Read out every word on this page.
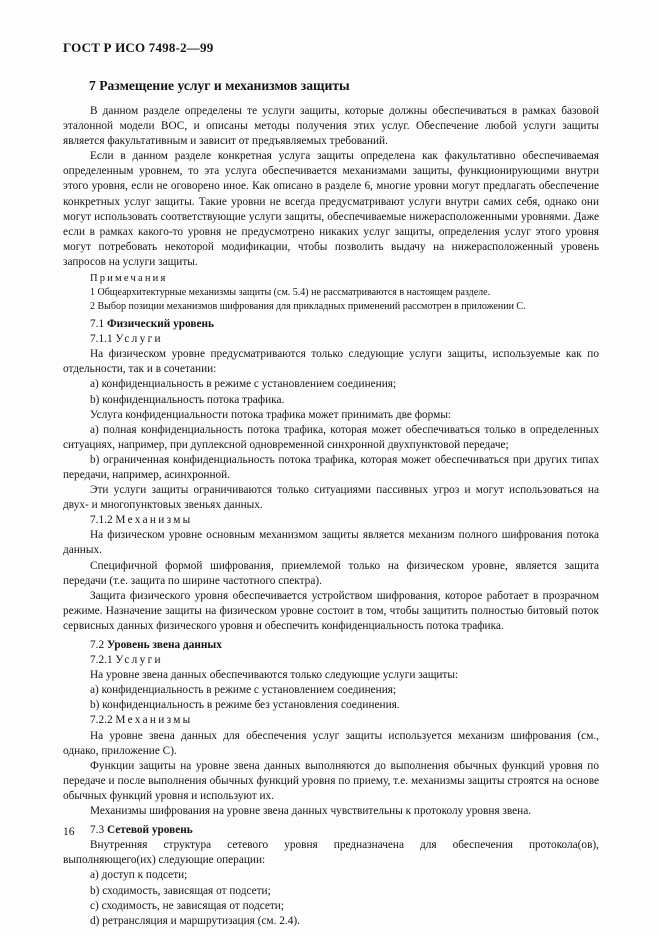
ГОСТ Р ИСО 7498-2—99
7 Размещение услуг и механизмов защиты

В данном разделе определены те услуги защиты, которые должны обеспечиваться в рамках базовой эталонной модели ВОС, и описаны методы получения этих услуг. Обеспечение любой услуги защиты является факультативным и зависит от предъявляемых требований.

Если в данном разделе конкретная услуга защиты определена как факультативно обеспечиваемая определенным уровнем, то эта услуга обеспечивается механизмами защиты, функционирующими внутри этого уровня, если не оговорено иное. Как описано в разделе 6, многие уровни могут предлагать обеспечение конкретных услуг защиты. Такие уровни не всегда предусматривают услуги внутри самих себя, однако они могут использовать соответствующие услуги защиты, обеспечиваемые нижерасположенными уровнями. Даже если в рамках какого-то уровня не предусмотрено никаких услуг защиты, определения услуг этого уровня могут потребовать некоторой модификации, чтобы позволить выдачу на нижерасположенный уровень запросов на услуги защиты.

Примечания
1 Общеархитектурные механизмы защиты (см. 5.4) не рассматриваются в настоящем разделе.
2 Выбор позиции механизмов шифрования для прикладных применений рассмотрен в приложении С.

7.1 Физический уровень

7.1.1 Услуги

На физическом уровне предусматриваются только следующие услуги защиты, используемые как по отдельности, так и в сочетании:

a) конфиденциальность в режиме с установлением соединения;

b) конфиденциальность потока трафика.

Услуга конфиденциальности потока трафика может принимать две формы:

a) полная конфиденциальность потока трафика, которая может обеспечиваться только в определенных ситуациях, например, при дуплексной одновременной синхронной двухпунктовой передаче;

b) ограниченная конфиденциальность потока трафика, которая может обеспечиваться при других типах передачи, например, асинхронной.

Эти услуги защиты ограничиваются только ситуациями пассивных угроз и могут использоваться на двух- и многопунктовых звеньях данных.

7.1.2 Механизмы

На физическом уровне основным механизмом защиты является механизм полного шифрования потока данных.

Специфичной формой шифрования, приемлемой только на физическом уровне, является защита передачи (т.е. защита по ширине частотного спектра).

Защита физического уровня обеспечивается устройством шифрования, которое работает в прозрачном режиме. Назначение защиты на физическом уровне состоит в том, чтобы защитить полностью битовый поток сервисных данных физического уровня и обеспечить конфиденциальность потока трафика.

7.2 Уровень звена данных

7.2.1 Услуги

На уровне звена данных обеспечиваются только следующие услуги защиты:

a) конфиденциальность в режиме с установлением соединения;

b) конфиденциальность в режиме без установления соединения.

7.2.2 Механизмы

На уровне звена данных для обеспечения услуг защиты используется механизм шифрования (см., однако, приложение С).

Функции защиты на уровне звена данных выполняются до выполнения обычных функций уровня по передаче и после выполнения обычных функций уровня по приему, т.е. механизмы защиты строятся на основе обычных функций уровня и используют их.

Механизмы шифрования на уровне звена данных чувствительны к протоколу уровня звена.

7.3 Сетевой уровень

Внутренняя структура сетевого уровня предназначена для обеспечения протокола(ов), выполняющего(их) следующие операции:

a) доступ к подсети;

b) сходимость, зависящая от подсети;

c) сходимость, не зависящая от подсети;

d) ретрансляция и маршрутизация (см. 2.4).

16
